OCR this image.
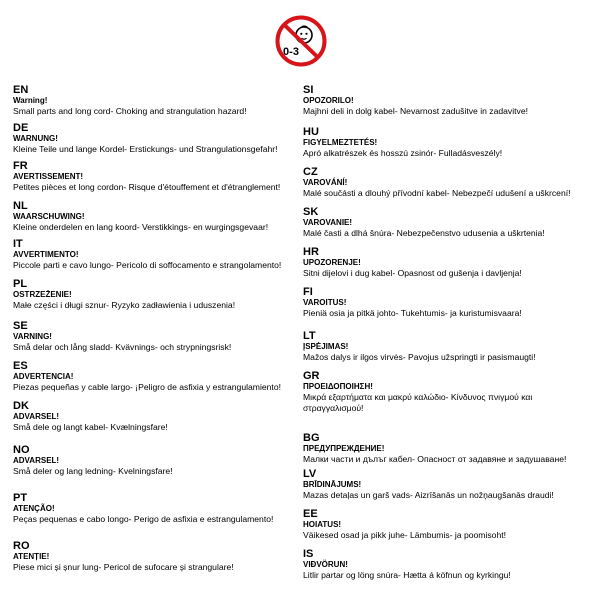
0-3
EN
Warning!
Small parts and long cord- Choking and strangulation hazard!
DE
WARNUNG!
Kleine Teile und lange Kordel- Erstickungs- und Strangulationsgefahr!
FR
AVERTISSEMENT!
Petites pièces et long cordon- Risque d'étouffement et d'étranglement!
NL
WAARSCHUWING!
Kleine onderdelen en lang koord- Verstikkings- en wurgingsgevaar!
IT
AVVERTIMENTO!
Piccole parti e cavo lungo- Pericolo di soffocamento e strangolamento!
PL
OSTRZEŻENIE!
Małe części i długi sznur- Ryzyko zadławienia i uduszenia!
SE
VARNING!
Små delar och lång sladd- Kvävnings- och strypningsrisk!
ES
ADVERTENCIA!
Piezas pequeñas y cable largo- ¡Peligro de asfixia y estrangulamiento!
DK
ADVARSEL!
Små dele og langt kabel- Kvælningsfare!
NO
ADVARSEL!
Små deler og lang ledning- Kvelningsfare!
PT
ATENÇÃO!
Peças pequenas e cabo longo- Perigo de asfixia e estrangulamento!
RO
ATENȚIE!
Piese mici și șnur lung- Pericol de sufocare și strangulare!
SI
OPOZORILO!
Majhni deli in dolg kabel- Nevarnost zadušitve in zadavitve!
HU
FIGYELMEZTETÉS!
Apró alkatrészek és hosszú zsinór- Fulladásveszély!
CZ
VAROVÁNÍ!
Malé součásti a dlouhý přívodní kabel- Nebezpečí udušení a uškrcení!
SK
VAROVANIE!
Malé časti a dlhá šnúra- Nebezpečenstvo udusenia a uškrtenia!
HR
UPOZORENJE!
Sitni dijelovi i dug kabel- Opasnost od gušenja i davljenja!
FI
VAROITUS!
Pieniä osia ja pitkä johto- Tukehtumis- ja kuristumisvaara!
LT
ĮSPĖJIMAS!
Mažos dalys ir ilgos virvės- Pavojus užspringti ir pasismaugti!
GR
ΠΡΟΕΙΔΟΠΟΙΗΣΗ!
Μικρά εξαρτήματα και μακρύ καλώδιο- Κίνδυνος πνιγμού και στραγγαλισμού!
BG
ПРЕДУПРЕЖДЕНИЕ!
Малки части и дълъг кабел- Опасност от задавяне и задушаване!
LV
BRĪDINĀJUMS!
Mazas detaļas un garš vads- Aizrīšanās un nožņaugšanās draudi!
EE
HOIATUS!
Väikesed osad ja pikk juhe- Lämbumis- ja poomisoht!
IS
VIÐVÖRUN!
Litlir partar og löng snúra- Hætta á köfnun og kyrkingu!
